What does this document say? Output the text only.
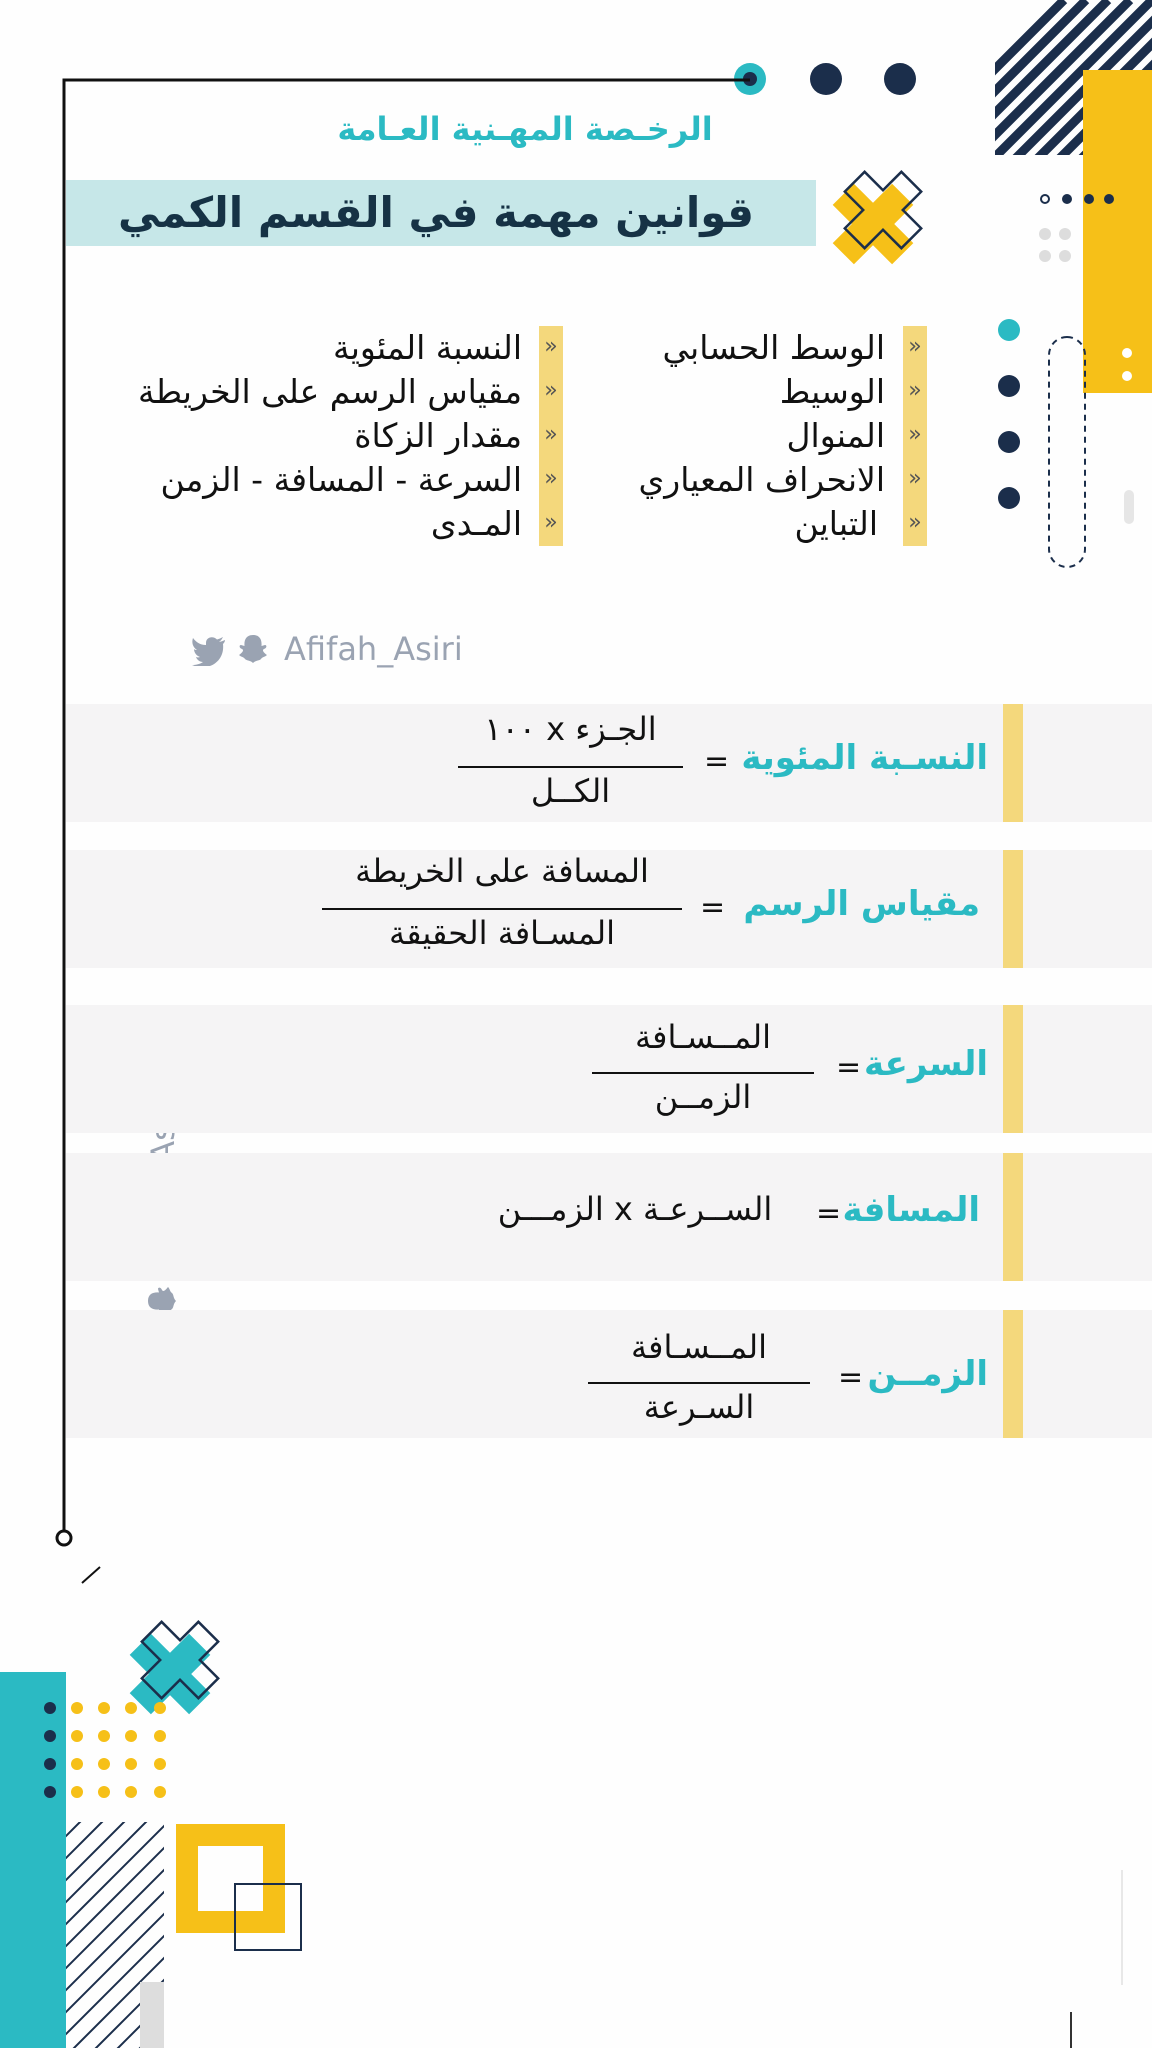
الرخـصة المهـنية العـامة
قوانين مهمة في القسم الكمي
»
الوسط الحسابي
»
الوسيط
»
المنوال
»
الانحراف المعياري
»
التباين
»
النسبة المئوية
»
مقياس الرسم على الخريطة
»
مقدار الزكاة
»
السرعة - المسافة - الزمن
»
المـدى
Afifah_Asiri
النسـبة المئوية
=
الجـزء x ١٠٠
الكــل
مقياس الرسم
=
المسافة على الخريطة
المسـافة الحقيقة
السرعة
=
المــسـافة
الزمــن
المسافة
=
الســرعـة x الزمـــن
الزمــن
=
المــسـافة
السـرعة
